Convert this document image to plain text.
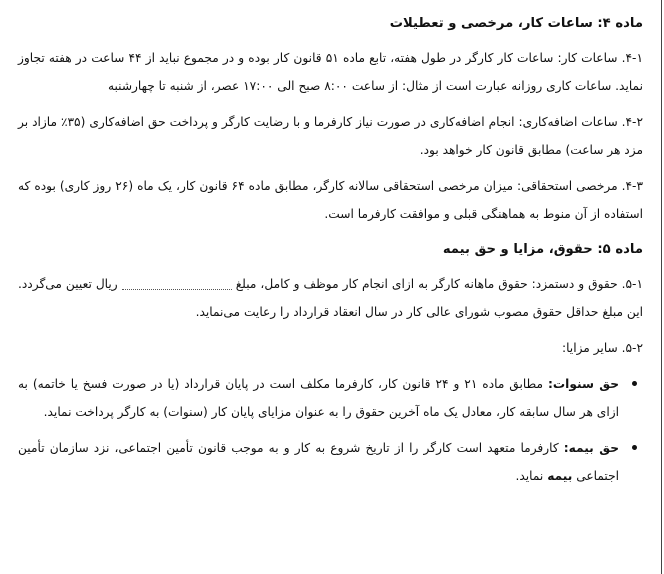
ماده ۴: ساعات کار، مرخصی و تعطیلات

۴-۱. ساعات کار: ساعات کار کارگر در طول هفته، تابع ماده ۵۱ قانون کار بوده و در مجموع نباید از ۴۴ ساعت در هفته تجاوز نماید. ساعات کاری روزانه عبارت است از مثال: از ساعت ۸:۰۰ صبح الی ۱۷:۰۰ عصر، از شنبه تا چهارشنبه

۴-۲. ساعات اضافه‌کاری: انجام اضافه‌کاری در صورت نیاز کارفرما و با رضایت کارگر و پرداخت حق اضافه‌کاری (۳۵٪ مازاد بر مزد هر ساعت) مطابق قانون کار خواهد بود.

۴-۳. مرخصی استحقاقی: میزان مرخصی استحقاقی سالانه کارگر، مطابق ماده ۶۴ قانون کار، یک ماه (۲۶ روز کاری) بوده که استفاده از آن منوط به هماهنگی قبلی و موافقت کارفرما است.

ماده ۵: حقوق، مزایا و حق بیمه

۵-۱. حقوق و دستمزد: حقوق ماهانه کارگر به ازای انجام کار موظف و کامل، مبلغریال تعیین می‌گردد. این مبلغ حداقل حقوق مصوب شورای عالی کار در سال انعقاد قرارداد را رعایت می‌نماید.

۵-۲. سایر مزایا:

حق سنوات: مطابق ماده ۲۱ و ۲۴ قانون کار، کارفرما مکلف است در پایان قرارداد (یا در صورت فسخ یا خاتمه) به ازای هر سال سابقه کار، معادل یک ماه آخرین حقوق را به عنوان مزایای پایان کار (سنوات) به کارگر پرداخت نماید.
حق بیمه: کارفرما متعهد است کارگر را از تاریخ شروع به کار و به موجب قانون تأمین اجتماعی، نزد سازمان تأمین اجتماعی بیمه نماید.
